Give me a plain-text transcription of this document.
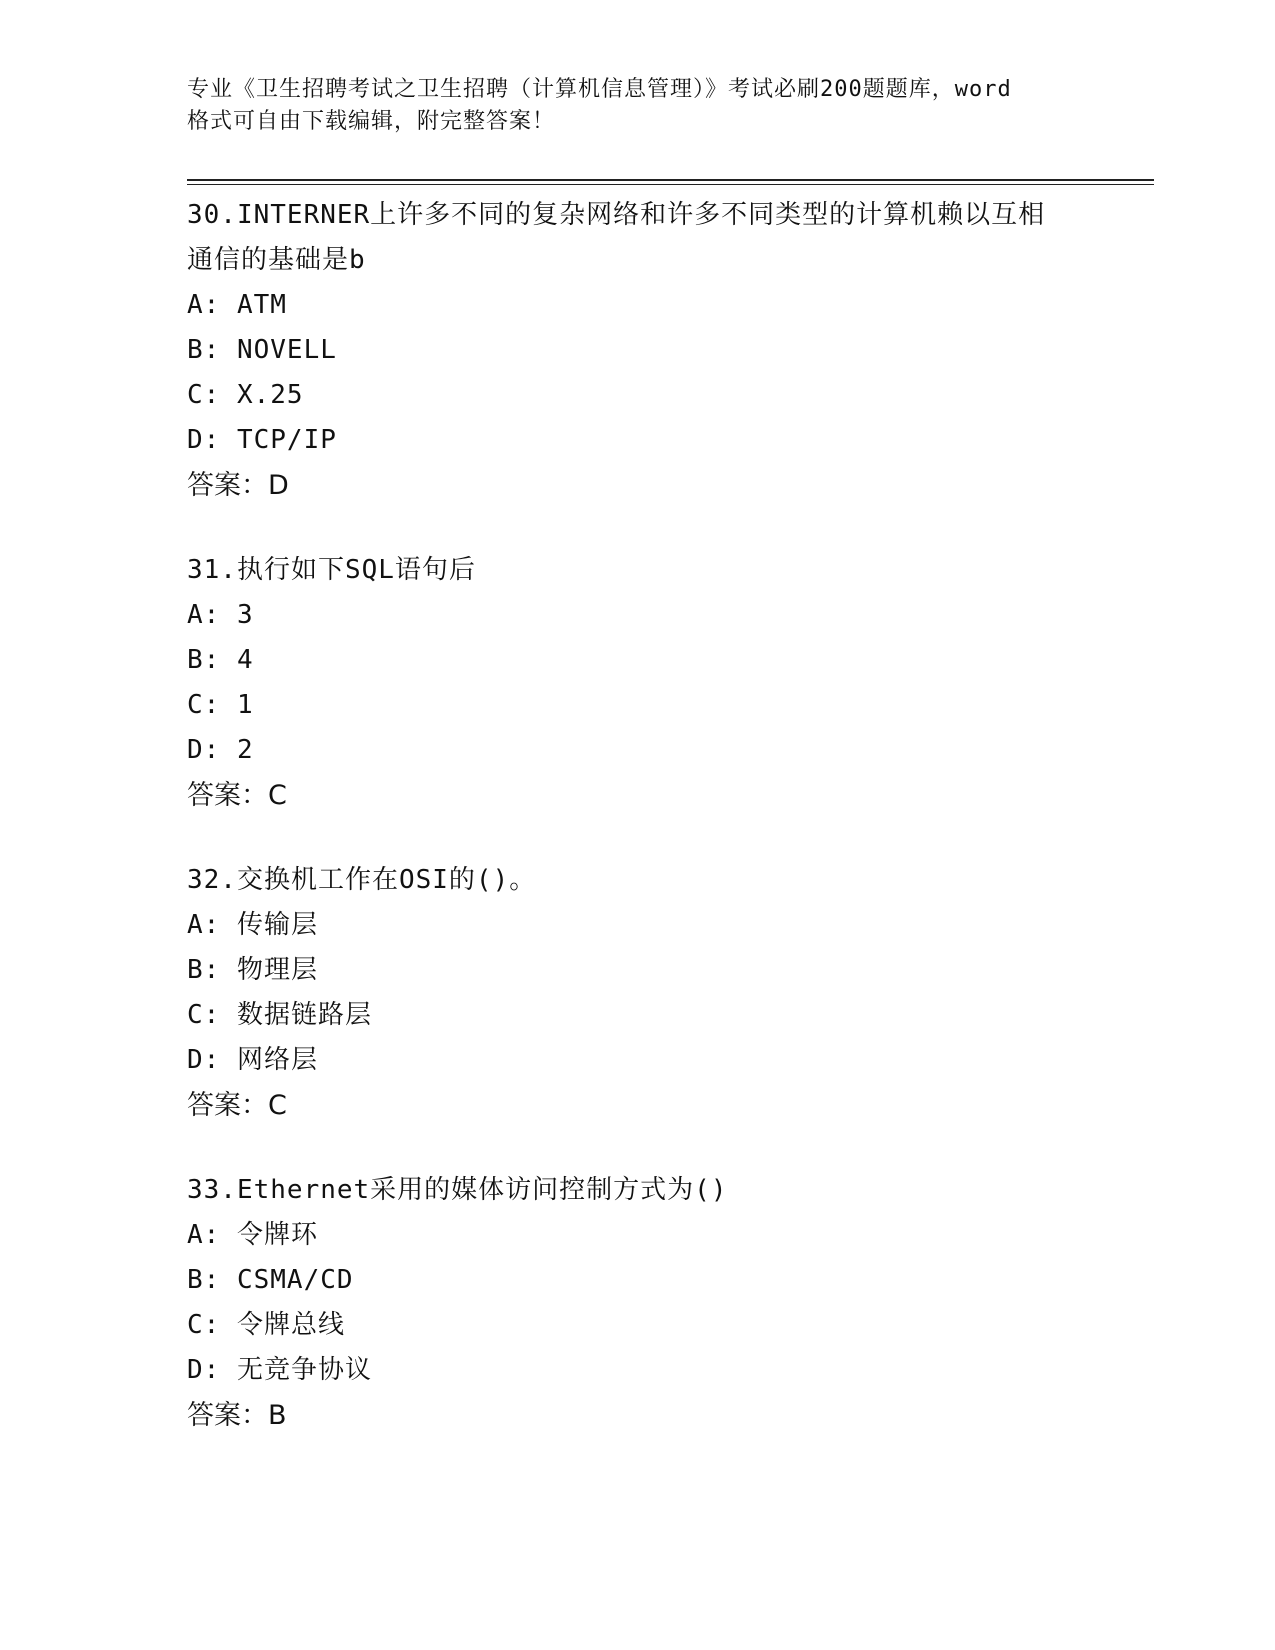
专业《卫生招聘考试之卫生招聘（计算机信息管理）》考试必刷200题题库，word
格式可自由下载编辑，附完整答案！
30.INTERNER上许多不同的复杂网络和许多不同类型的计算机赖以互相
通信的基础是b
A: ATM
B: NOVELL
C: X.25
D: TCP/IP
答案：D
31.执行如下SQL语句后
A: 3
B: 4
C: 1
D: 2
答案：C
32.交换机工作在OSI的()。
A: 传输层
B: 物理层
C: 数据链路层
D: 网络层
答案：C
33.Ethernet采用的媒体访问控制方式为()
A: 令牌环
B: CSMA/CD
C: 令牌总线
D: 无竞争协议
答案：B
